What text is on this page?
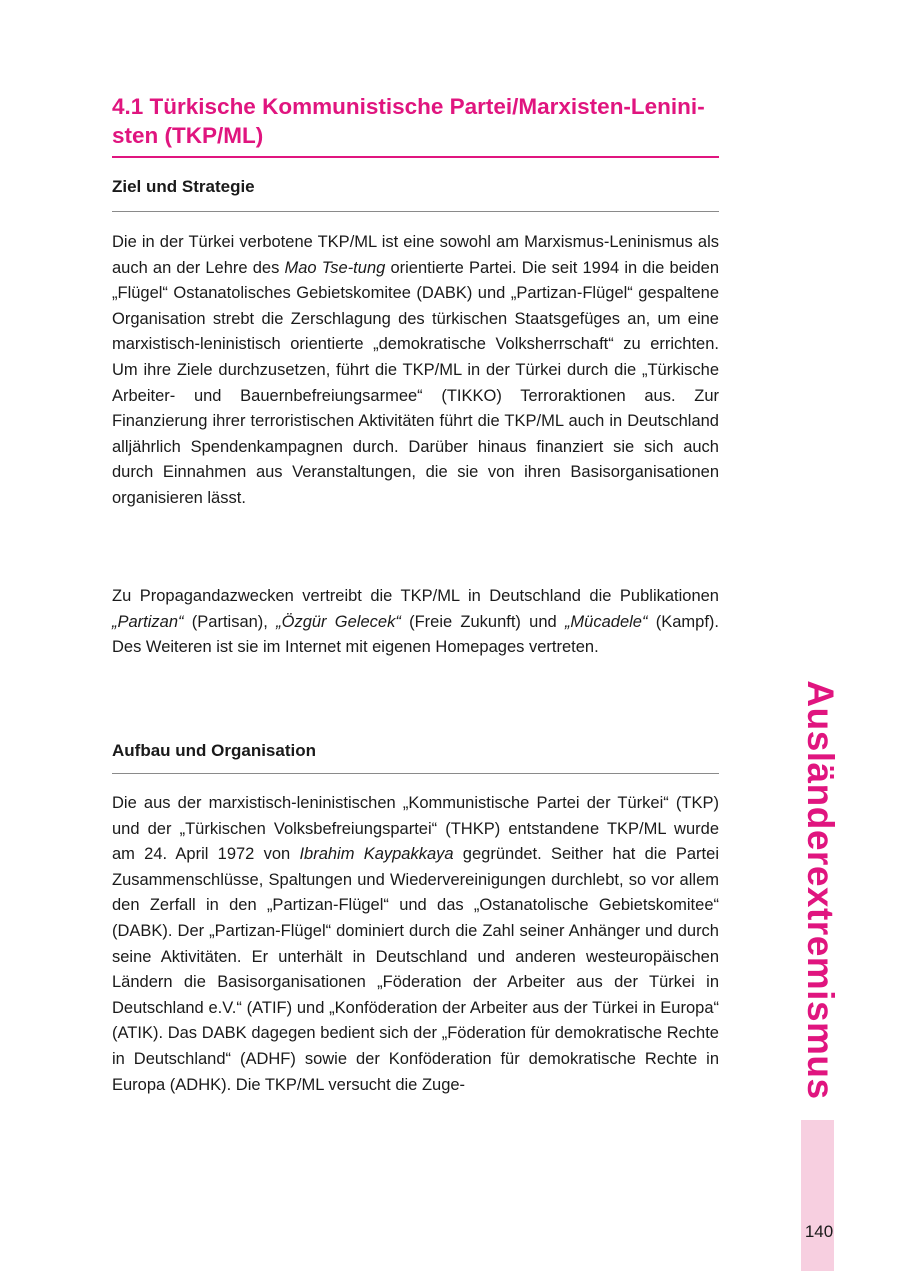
4.1 Türkische Kommunistische Partei/Marxisten-Leninisten (TKP/ML)
Ziel und Strategie

Die in der Türkei verbotene TKP/ML ist eine sowohl am Marxismus-Leninismus als auch an der Lehre des Mao Tse-tung orientierte Partei. Die seit 1994 in die beiden „Flügel“ Ostanatolisches Gebietskomitee (DABK) und „Partizan-Flügel“ gespaltene Organisation strebt die Zerschlagung des türkischen Staatsgefüges an, um eine marxistisch-leninistisch orientierte „demokratische Volksherrschaft“ zu errichten. Um ihre Ziele durchzusetzen, führt die TKP/ML in der Türkei durch die „Türkische Arbeiter- und Bauernbefreiungsarmee“ (TIKKO) Terroraktionen aus. Zur Finanzierung ihrer terroristischen Aktivitäten führt die TKP/ML auch in Deutschland alljährlich Spendenkampagnen durch. Darüber hinaus finanziert sie sich auch durch Einnahmen aus Veranstaltungen, die sie von ihren Basisorganisationen organisieren lässt.

Zu Propagandazwecken vertreibt die TKP/ML in Deutschland die Publikationen „Partizan“ (Partisan), „Özgür Gelecek“ (Freie Zukunft) und „Mücadele“ (Kampf). Des Weiteren ist sie im Internet mit eigenen Homepages vertreten.

Aufbau und Organisation

Die aus der marxistisch-leninistischen „Kommunistische Partei der Türkei“ (TKP) und der „Türkischen Volksbefreiungspartei“ (THKP) entstandene TKP/ML wurde am 24. April 1972 von Ibrahim Kaypakkaya gegründet. Seither hat die Partei Zusammenschlüsse, Spaltungen und Wiedervereinigungen durchlebt, so vor allem den Zerfall in den „Partizan-Flügel“ und das „Ostanatolische Gebietskomitee“ (DABK). Der „Partizan-Flügel“ dominiert durch die Zahl seiner Anhänger und durch seine Aktivitäten. Er unterhält in Deutschland und anderen westeuropäischen Ländern die Basisorganisationen „Föderation der Arbeiter aus der Türkei in Deutschland e.V.“ (ATIF) und „Konföderation der Arbeiter aus der Türkei in Europa“ (ATIK). Das DABK dagegen bedient sich der „Föderation für demokratische Rechte in Deutschland“ (ADHF) sowie der Konföderation für demokratische Rechte in Europa (ADHK). Die TKP/ML versucht die Zuge-	Ausländerextremismus
140
